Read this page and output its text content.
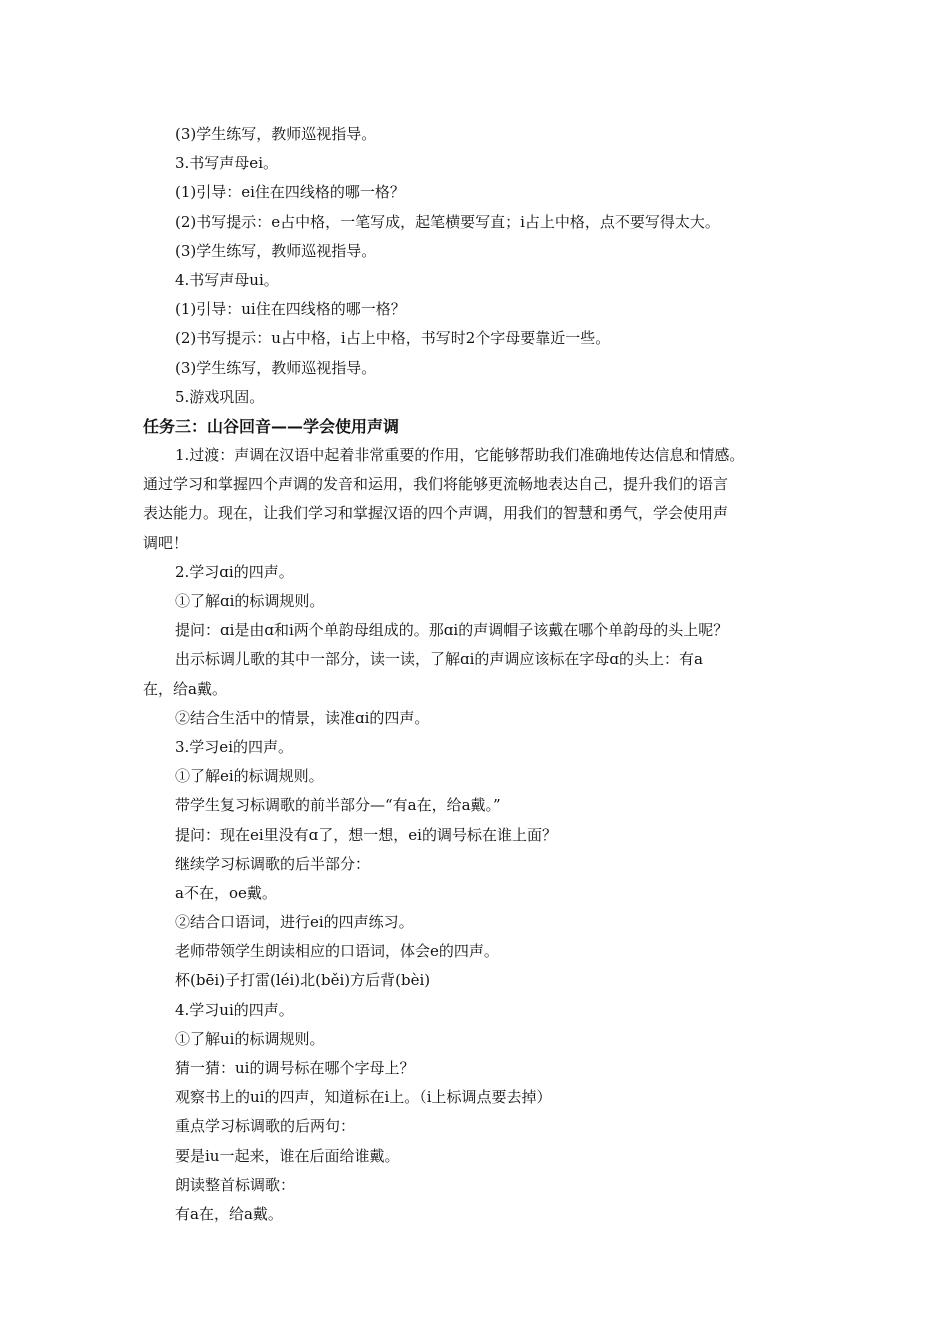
(3)学生练写，教师巡视指导。
3.书写声母ei。
(1)引导：ei住在四线格的哪一格？
(2)书写提示：e占中格，一笔写成，起笔横要写直；i占上中格，点不要写得太大。
(3)学生练写，教师巡视指导。
4.书写声母ui。
(1)引导：ui住在四线格的哪一格？
(2)书写提示：u占中格，i占上中格，书写时2个字母要靠近一些。
(3)学生练写，教师巡视指导。
5.游戏巩固。
任务三：山谷回音——学会使用声调
1.过渡：声调在汉语中起着非常重要的作用，它能够帮助我们准确地传达信息和情感。
通过学习和掌握四个声调的发音和运用，我们将能够更流畅地表达自己，提升我们的语言
表达能力。现在，让我们学习和掌握汉语的四个声调，用我们的智慧和勇气，学会使用声
调吧！
2.学习ɑi的四声。
①了解ɑi的标调规则。
提问：ɑi是由ɑ和i两个单韵母组成的。那ɑi的声调帽子该戴在哪个单韵母的头上呢？
出示标调儿歌的其中一部分，读一读，了解ɑi的声调应该标在字母ɑ的头上：有a
在，给a戴。
②结合生活中的情景，读准ɑi的四声。
3.学习ei的四声。
①了解ei的标调规则。
带学生复习标调歌的前半部分—“有a在，给a戴。”
提问：现在ei里没有ɑ了，想一想，ei的调号标在谁上面？
继续学习标调歌的后半部分：
a不在，oe戴。
②结合口语词，进行ei的四声练习。
老师带领学生朗读相应的口语词，体会e的四声。
杯(bēi)子打雷(léi)北(běi)方后背(bèi)
4.学习ui的四声。
①了解ui的标调规则。
猜一猜：ui的调号标在哪个字母上？
观察书上的ui的四声，知道标在i上。（i上标调点要去掉）
重点学习标调歌的后两句：
要是iu一起来，谁在后面给谁戴。
朗读整首标调歌：
有a在，给a戴。
